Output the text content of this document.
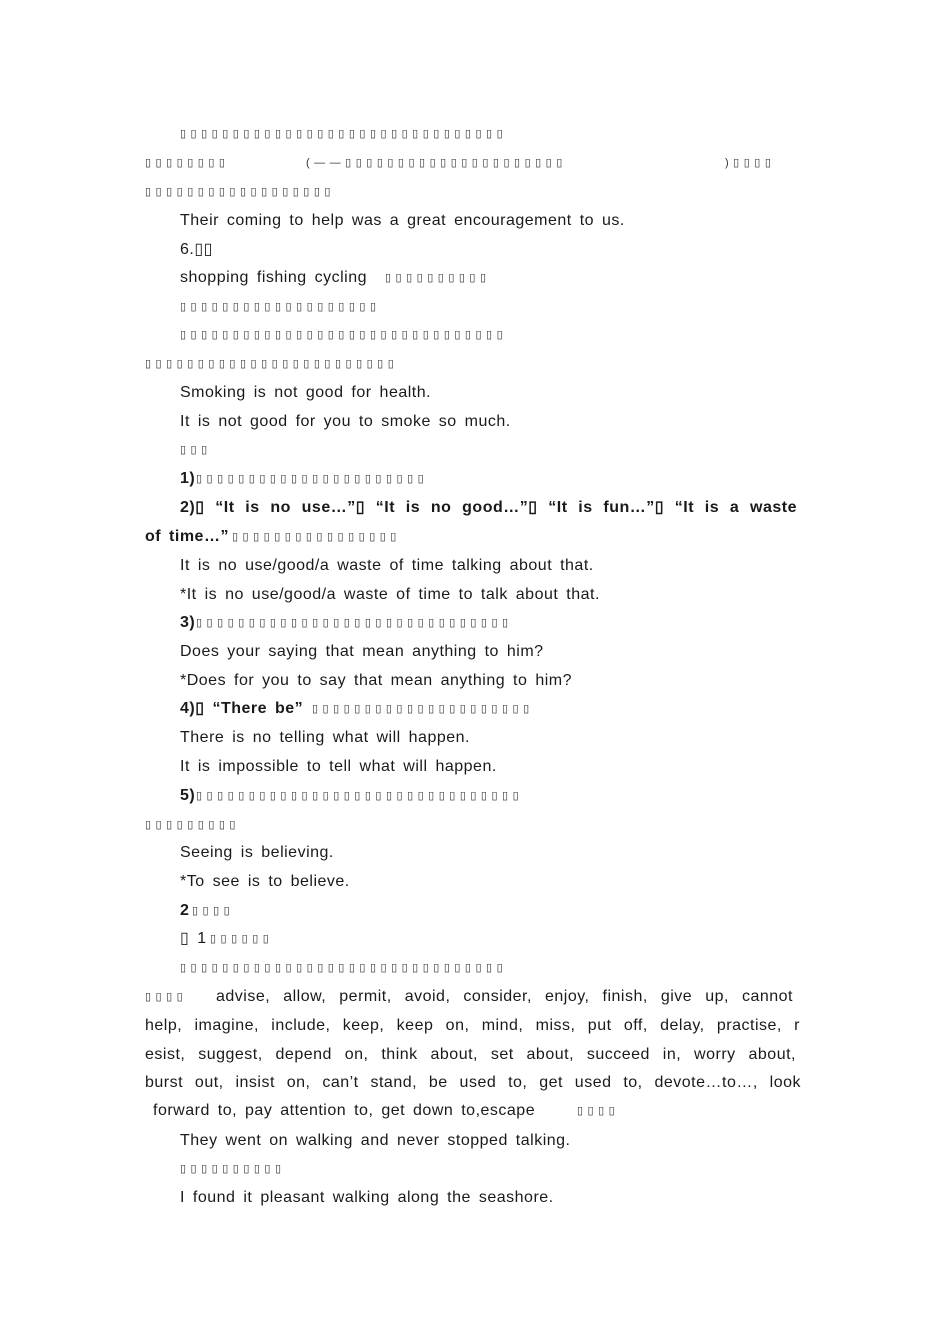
▯▯▯▯▯▯▯▯▯▯▯▯▯▯▯▯▯▯▯▯▯▯▯▯▯▯▯▯▯▯▯
▯▯▯▯▯▯▯▯	(——▯▯▯▯▯▯▯▯▯▯▯▯▯▯▯▯▯▯▯▯▯	)▯▯▯▯
▯▯▯▯▯▯▯▯▯▯▯▯▯▯▯▯▯▯
Their coming to help was a great encouragement to us.
6.▯▯
shopping fishing cycling ▯▯▯▯▯▯▯▯▯▯
▯▯▯▯▯▯▯▯▯▯▯▯▯▯▯▯▯▯▯
▯▯▯▯▯▯▯▯▯▯▯▯▯▯▯▯▯▯▯▯▯▯▯▯▯▯▯▯▯▯▯
▯▯▯▯▯▯▯▯▯▯▯▯▯▯▯▯▯▯▯▯▯▯▯▯
Smoking is not good for health.
It is not good for you to smoke so much.
▯▯▯
1) ▯▯▯▯▯▯▯▯▯▯▯▯▯▯▯▯▯▯▯▯▯▯
2)▯ “It is no use…”▯ “It is no good…”▯ “It is fun…”▯ “It is a waste
of time…” ▯▯▯▯▯▯▯▯▯▯▯▯▯▯▯▯
It is no use/good/a waste of time talking about that.
*It is no use/good/a waste of time to talk about that.
3) ▯▯▯▯▯▯▯▯▯▯▯▯▯▯▯▯▯▯▯▯▯▯▯▯▯▯▯▯▯▯
Does your saying that mean anything to him?
*Does for you to say that mean anything to him?
4)▯ “There be” ▯▯▯▯▯▯▯▯▯▯▯▯▯▯▯▯▯▯▯▯▯
There is no telling what will happen.
It is impossible to tell what will happen.
5) ▯▯▯▯▯▯▯▯▯▯▯▯▯▯▯▯▯▯▯▯▯▯▯▯▯▯▯▯▯▯▯
▯▯▯▯▯▯▯▯▯
Seeing is believing.
*To see is to believe.
2 ▯▯▯▯
▯ 1 ▯▯▯▯▯▯
▯▯▯▯▯▯▯▯▯▯▯▯▯▯▯▯▯▯▯▯▯▯▯▯▯▯▯▯▯▯▯
▯▯▯▯ advise, allow, permit, avoid, consider, enjoy, finish, give up, cannot
help, imagine, include, keep, keep on, mind, miss, put off, delay, practise, r
esist, suggest, depend on, think about, set about, succeed in, worry about,
burst out, insist on, can’t stand, be used to, get used to, devote…to…, look
forward to, pay attention to, get down to,escape	▯▯▯▯
They went on walking and never stopped talking.
▯▯▯▯▯▯▯▯▯▯
I found it pleasant walking along the seashore.
